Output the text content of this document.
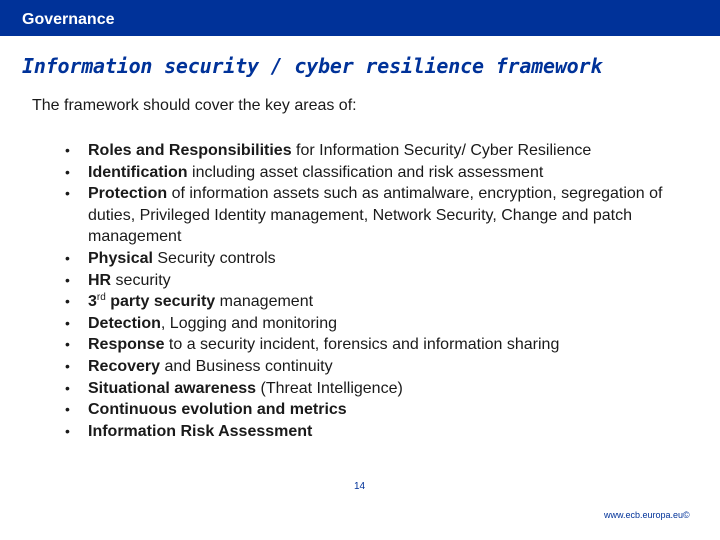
Governance
Information security / cyber resilience framework
The framework should cover the key areas of:
• Roles and Responsibilities for Information Security/ Cyber Resilience
• Identification including asset classification and risk assessment
• Protection of information assets such as antimalware, encryption, segregation of duties, Privileged Identity management, Network Security, Change and patch management
• Physical Security controls
• HR security
• 3rd party security management
• Detection, Logging and monitoring
• Response to a security incident, forensics and information sharing
• Recovery and Business continuity
• Situational awareness (Threat Intelligence)
• Continuous evolution and metrics
• Information Risk Assessment
14
www.ecb.europa.eu©
